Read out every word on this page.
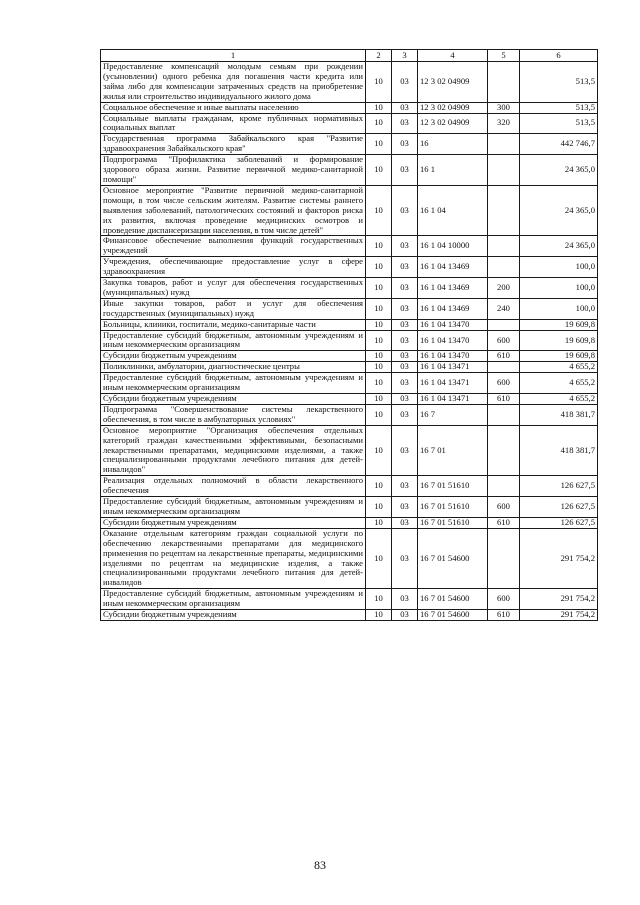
1	2	3	4	5	6
Предоставление компенсаций молодым семьям при рождении (усыновлении) одного ребенка для погашения части кредита или займа либо для компенсации затраченных средств на приобретение жилья или строительство индивидуального жилого дома	10	03	12 3 02 04909		513,5
Социальное обеспечение и иные выплаты населению	10	03	12 3 02 04909	300	513,5
Социальные выплаты гражданам, кроме публичных нормативных социальных выплат	10	03	12 3 02 04909	320	513,5
Государственная программа Забайкальского края "Развитие здравоохранения Забайкальского края"	10	03	16		442 746,7
Подпрограмма "Профилактика заболеваний и формирование здорового образа жизни. Развитие первичной медико-санитарной помощи"	10	03	16 1		24 365,0
Основное мероприятие "Развитие первичной медико-санитарной помощи, в том числе сельским жителям. Развитие системы раннего выявления заболеваний, патологических состояний и факторов риска их развития, включая проведение медицинских осмотров и проведение диспансеризации населения, в том числе детей"	10	03	16 1 04		24 365,0
Финансовое обеспечение выполнения функций государственных учреждений	10	03	16 1 04 10000		24 365,0
Учреждения, обеспечивающие предоставление услуг в сфере здравоохранения	10	03	16 1 04 13469		100,0
Закупка товаров, работ и услуг для обеспечения государственных (муниципальных) нужд	10	03	16 1 04 13469	200	100,0
Иные закупки товаров, работ и услуг для обеспечения государственных (муниципальных) нужд	10	03	16 1 04 13469	240	100,0
Больницы, клиники, госпитали, медико-санитарные части	10	03	16 1 04 13470		19 609,8
Предоставление субсидий бюджетным, автономным учреждениям и иным некоммерческим организациям	10	03	16 1 04 13470	600	19 609,8
Субсидии бюджетным учреждениям	10	03	16 1 04 13470	610	19 609,8
Поликлиники, амбулатории, диагностические центры	10	03	16 1 04 13471		4 655,2
Предоставление субсидий бюджетным, автономным учреждениям и иным некоммерческим организациям	10	03	16 1 04 13471	600	4 655,2
Субсидии бюджетным учреждениям	10	03	16 1 04 13471	610	4 655,2
Подпрограмма "Совершенствование системы лекарственного обеспечения, в том числе в амбулаторных условиях"	10	03	16 7		418 381,7
Основное мероприятие "Организация обеспечения отдельных категорий граждан качественными эффективными, безопасными лекарственными препаратами, медицинскими изделиями, а также специализированными продуктами лечебного питания для детей-инвалидов"	10	03	16 7 01		418 381,7
Реализация отдельных полномочий в области лекарственного обеспечения	10	03	16 7 01 51610		126 627,5
Предоставление субсидий бюджетным, автономным учреждениям и иным некоммерческим организациям	10	03	16 7 01 51610	600	126 627,5
Субсидии бюджетным учреждениям	10	03	16 7 01 51610	610	126 627,5
Оказание отдельным категориям граждан социальной услуги по обеспечению лекарственными препаратами для медицинского применения по рецептам на лекарственные препараты, медицинскими изделиями по рецептам на медицинские изделия, а также специализированными продуктами лечебного питания для детей-инвалидов	10	03	16 7 01 54600		291 754,2
Предоставление субсидий бюджетным, автономным учреждениям и иным некоммерческим организациям	10	03	16 7 01 54600	600	291 754,2
Субсидии бюджетным учреждениям	10	03	16 7 01 54600	610	291 754,2
83
